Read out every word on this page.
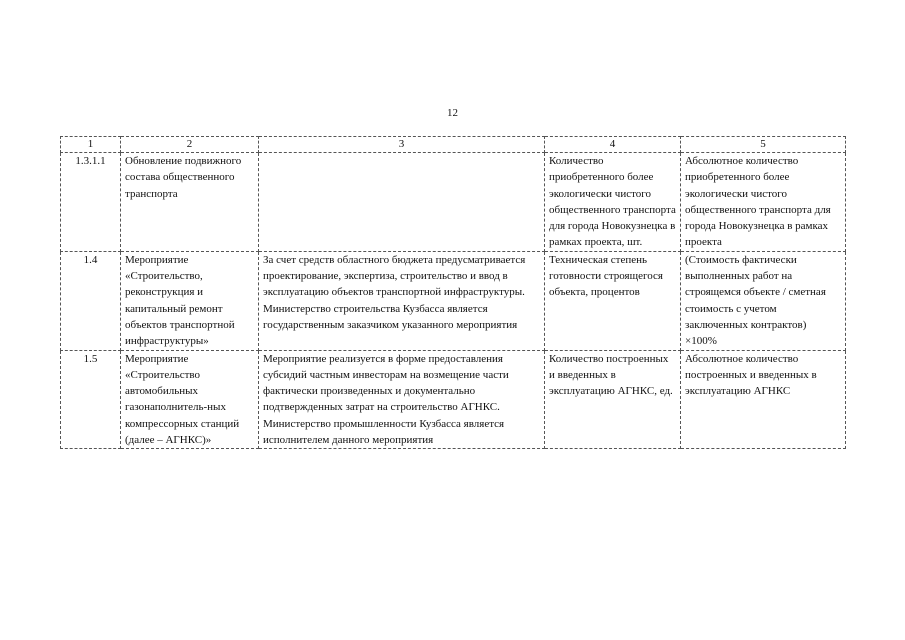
12
1	2	3	4	5
1.3.1.1	Обновление подвижного состава общественного транспорта		Количество приобретенного более экологически чистого общественного транспорта для города Новокузнецка в рамках проекта, шт.	Абсолютное количество приобретенного более экологически чистого общественного транспорта для города Новокузнецка в рамках проекта
1.4	Мероприятие «Строительство, реконструкция и капитальный ремонт объектов транспортной инфраструктуры»	За счет средств областного бюджета предусматривается проектирование, экспертиза, строительство и ввод в эксплуатацию объектов транспортной инфраструктуры. Министерство строительства Кузбасса является государственным заказчиком указанного мероприятия	Техническая степень готовности строящегося объекта, процентов	(Стоимость фактически выполненных работ на строящемся объекте / сметная стоимость с учетом заключенных контрактов) ×100%
1.5	Мероприятие «Строительство автомобильных газонаполнитель-ных компрессорных станций (далее – АГНКС)»	Мероприятие реализуется в форме предоставления субсидий частным инвесторам на возмещение части фактически произведенных и документально подтвержденных затрат на строительство АГНКС. Министерство промышленности Кузбасса является исполнителем данного мероприятия	Количество построенных и введенных в эксплуатацию АГНКС, ед.	Абсолютное количество построенных и введенных в эксплуатацию АГНКС
